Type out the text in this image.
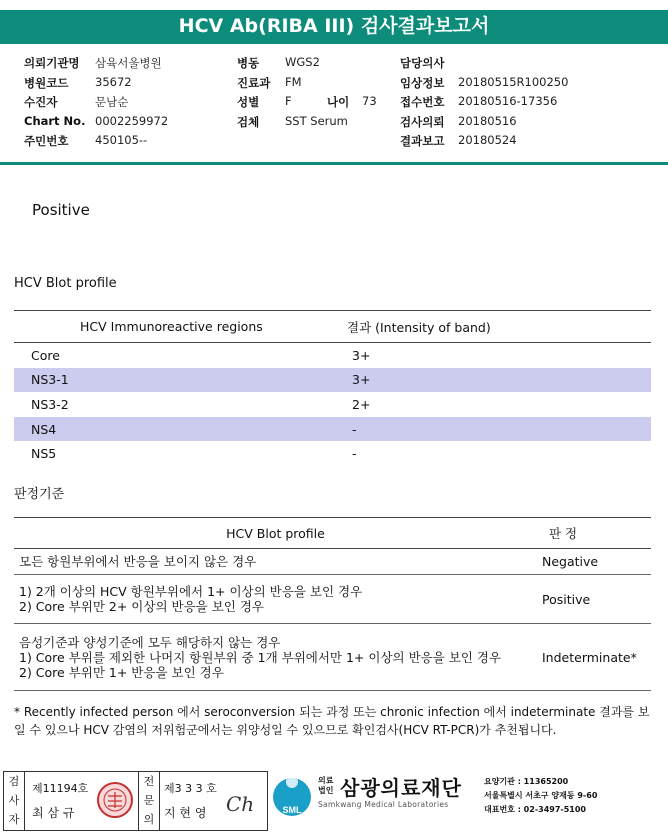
HCV Ab(RIBA III) 검사결과보고서
의뢰기관명 삼육서울병원
병원코드 35672
수진자	문남순
Chart No. 0002259972
주민번호 450105--
병동 WGS2
진료과 FM
성별 F	나이 73
검체 SST Serum
담당의사
임상정보 20180515R100250
접수번호 20180516-17356
검사의뢰 20180516
결과보고 20180524
Positive
HCV Blot profile
HCV Immunoreactive regions	결과 (Intensity of band)
Core	3+
NS3-1	3+
NS3-2	2+
NS4	-
NS5	-
판정기준
HCV Blot profile	판 정

모든 항원부위에서 반응을 보이지 않은 경우	Negative

1) 2개 이상의 HCV 항원부위에서 1+ 이상의 반응을 보인 경우
2) Core 부위만 2+ 이상의 반응을 보인 경우	Positive

음성기준과 양성기준에 모두 해당하지 않는 경우
1) Core 부위를 제외한 나머지 항원부위 중 1개 부위에서만 1+ 이상의 반응을 보인 경우
2) Core 부위만 1+ 반응을 보인 경우	Indeterminate*
* Recently infected person 에서 seroconversion 되는 과정 또는 chronic infection 에서 indeterminate 결과를 보일 수 있으나 HCV 감염의 저위험군에서는 위양성일 수 있으므로 확인검사(HCV RT-PCR)가 추천됩니다.
검
사
자
제11194호
최 삼 규
전
문
의
제3 3 3 호
지 현 영 Ch	SML
의료
법인 삼광의료재단
Samkwang Medical Laboratories
요양기관 : 11365200
서울특별시 서초구 양재동 9-60
대표번호 : 02-3497-5100
